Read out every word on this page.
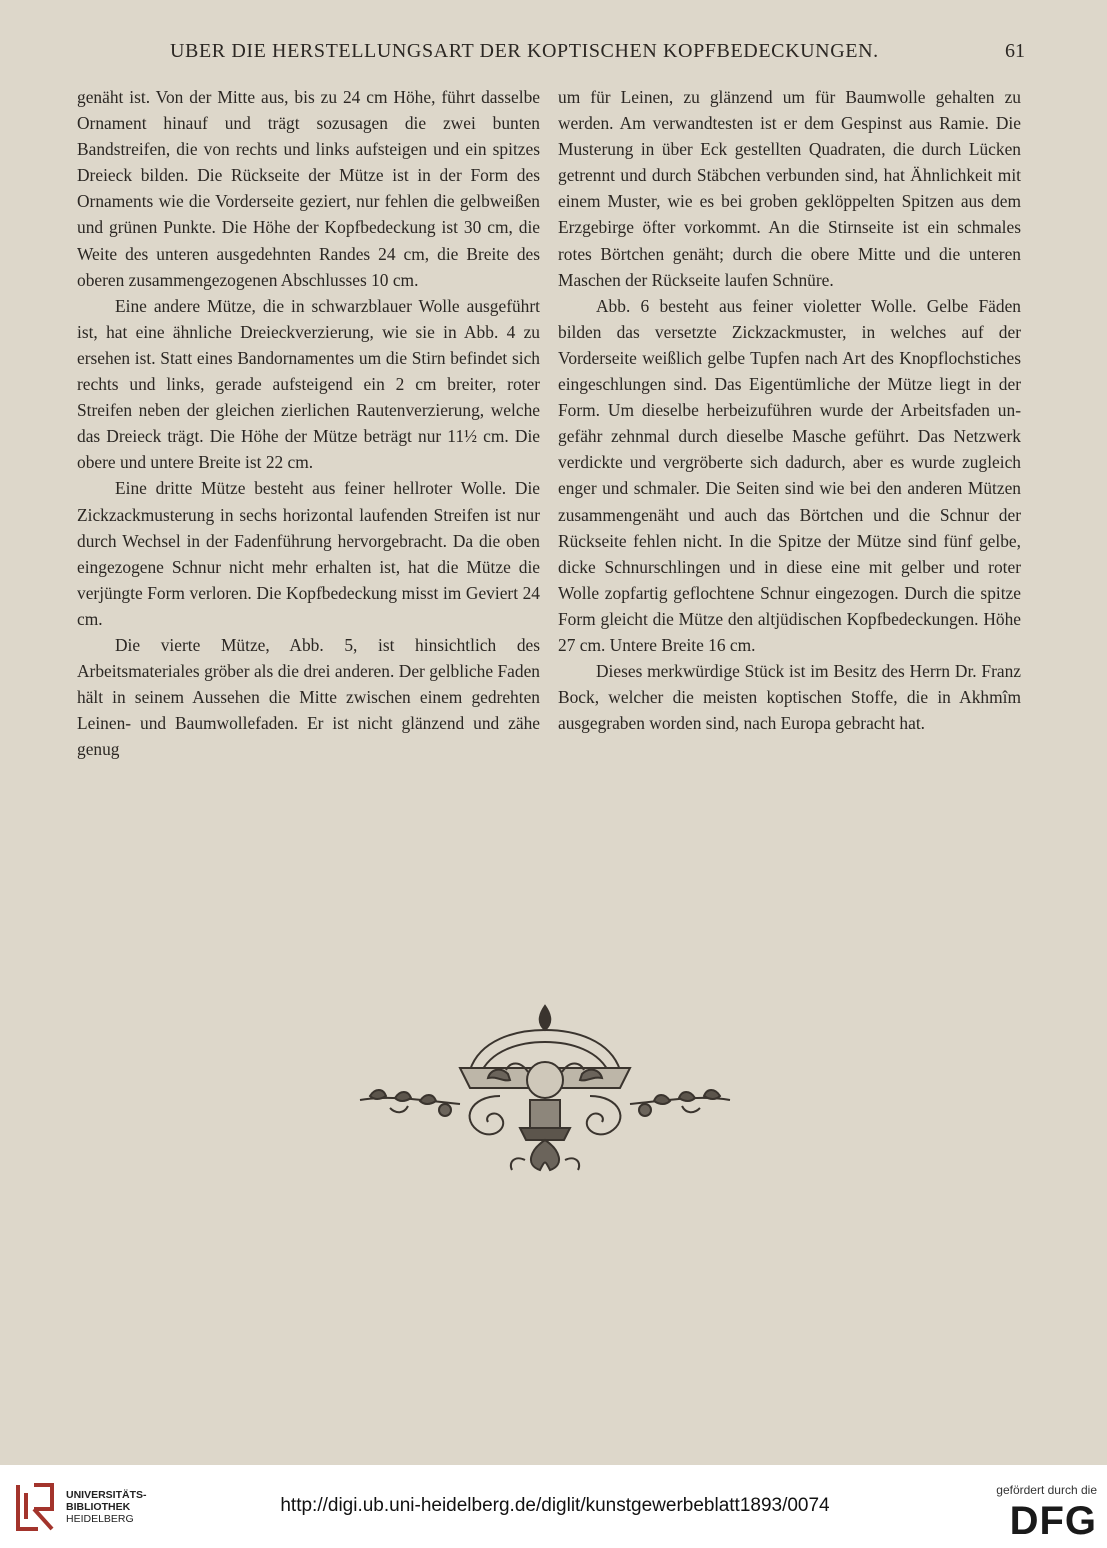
UBER DIE HERSTELLUNGSART DER KOPTISCHEN KOPFBEDECKUNGEN.	61

genäht ist. Von der Mitte aus, bis zu 24 cm Höhe, führt dasselbe Ornament hinauf und trägt sozusagen die zwei bunten Bandstreifen, die von rechts und links aufsteigen und ein spitzes Dreieck bilden. Die Rückseite der Mütze ist in der Form des Ornaments wie die Vorderseite geziert, nur fehlen die gelbweißen und grünen Punkte. Die Höhe der Kopfbedeckung ist 30 cm, die Weite des unteren ausgedehnten Randes 24 cm, die Breite des oberen zusammengezogenen Abschlusses 10 cm.

Eine andere Mütze, die in schwarzblauer Wolle ausgeführt ist, hat eine ähnliche Dreieckverzierung, wie sie in Abb. 4 zu ersehen ist. Statt eines Bandornamentes um die Stirn befindet sich rechts und links, gerade aufsteigend ein 2 cm breiter, roter Streifen neben der gleichen zierlichen Rautenverzierung, welche das Dreieck trägt. Die Höhe der Mütze beträgt nur 11½ cm. Die obere und untere Breite ist 22 cm.

Eine dritte Mütze besteht aus feiner hellroter Wolle. Die Zickzackmusterung in sechs horizontal laufenden Streifen ist nur durch Wechsel in der Fadenführung hervorgebracht. Da die oben eingezogene Schnur nicht mehr erhalten ist, hat die Mütze die verjüngte Form verloren. Die Kopfbedeckung misst im Geviert 24 cm.

Die vierte Mütze, Abb. 5, ist hinsichtlich des Arbeitsmateriales gröber als die drei anderen. Der gelbliche Faden hält in seinem Aussehen die Mitte zwischen einem gedrehten Leinen- und Baumwollefaden. Er ist nicht glänzend und zähe genug

um für Leinen, zu glänzend um für Baumwolle gehalten zu werden. Am verwandtesten ist er dem Gespinst aus Ramie. Die Musterung in über Eck gestellten Quadraten, die durch Lücken getrennt und durch Stäbchen verbunden sind, hat Ähnlichkeit mit einem Muster, wie es bei groben geklöppelten Spitzen aus dem Erzgebirge öfter vorkommt. An die Stirnseite ist ein schmales rotes Börtchen genäht; durch die obere Mitte und die unteren Maschen der Rückseite laufen Schnüre.

Abb. 6 besteht aus feiner violetter Wolle. Gelbe Fäden bilden das versetzte Zickzackmuster, in welches auf der Vorderseite weißlich gelbe Tupfen nach Art des Knopflochstiches eingeschlungen sind. Das Eigentümliche der Mütze liegt in der Form. Um dieselbe herbeizuführen wurde der Arbeitsfaden ungefähr zehnmal durch dieselbe Masche geführt. Das Netzwerk verdickte und vergröberte sich dadurch, aber es wurde zugleich enger und schmaler. Die Seiten sind wie bei den anderen Mützen zusammengenäht und auch das Börtchen und die Schnur der Rückseite fehlen nicht. In die Spitze der Mütze sind fünf gelbe, dicke Schnurschlingen und in diese eine mit gelber und roter Wolle zopfartig geflochtene Schnur eingezogen. Durch die spitze Form gleicht die Mütze den altjüdischen Kopfbedeckungen. Höhe 27 cm. Untere Breite 16 cm.

Dieses merkwürdige Stück ist im Besitz des Herrn Dr. Franz Bock, welcher die meisten koptischen Stoffe, die in Akhmîm ausgegraben worden sind, nach Europa gebracht hat.

UNIVERSITÄTS-
BIBLIOTHEK
HEIDELBERG
http://digi.ub.uni-heidelberg.de/diglit/kunstgewerbeblatt1893/0074
gefördert durch die
DFG
